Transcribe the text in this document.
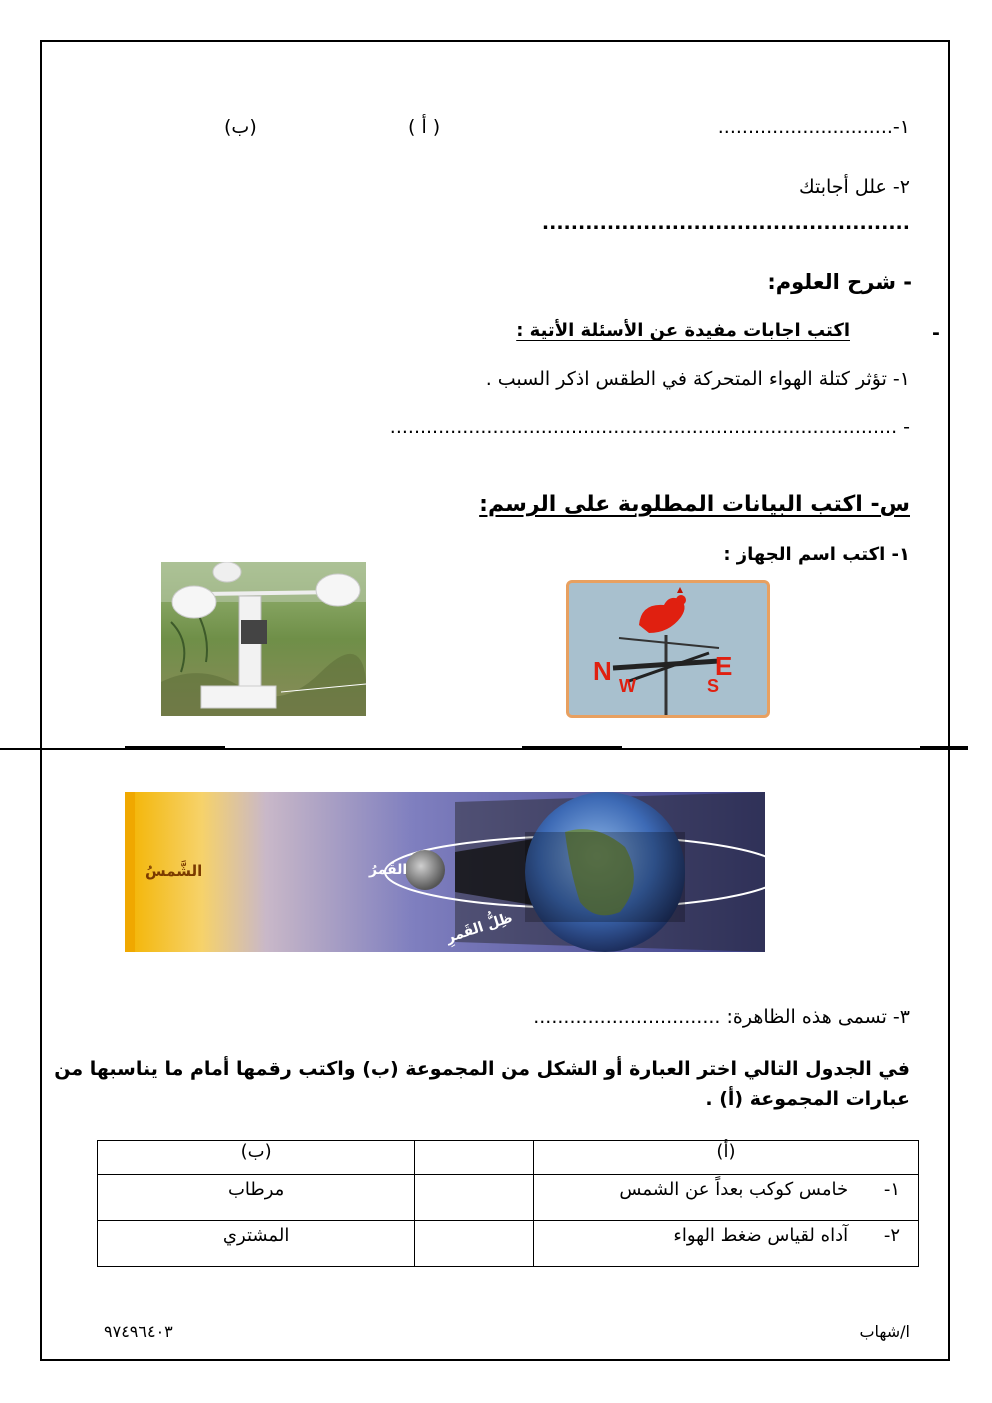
١-.............................
( أ )
(ب)
٢- علل أجابتك
...................................................
- شرح العلوم:
-
اكتب اجابات مفيدة عن الأسئلة الأتية :
١- تؤثر كتلة الهواء المتحركة في الطقس اذكر السبب .
- ....................................................................................
س- اكتب البيانات المطلوبة على الرسم:
١- اكتب اسم الجهاز :
N W	S
E
الشَّمسُ	القَمرُ
ظِلُّ القَمرِ
٣- تسمى هذه الظاهرة: ...............................
في الجدول التالي اختر العبارة أو الشكل من المجموعة (ب) واكتب رقمها أمام ما يناسبها من
عبارات المجموعة (أ) .
(أ)		(ب)
١- خامس كوكب بعداً عن الشمس		مرطاب
٢- آداه لقياس ضغط الهواء		المشتري
ا/شهاب
٩٧٤٩٦٤٠٣
